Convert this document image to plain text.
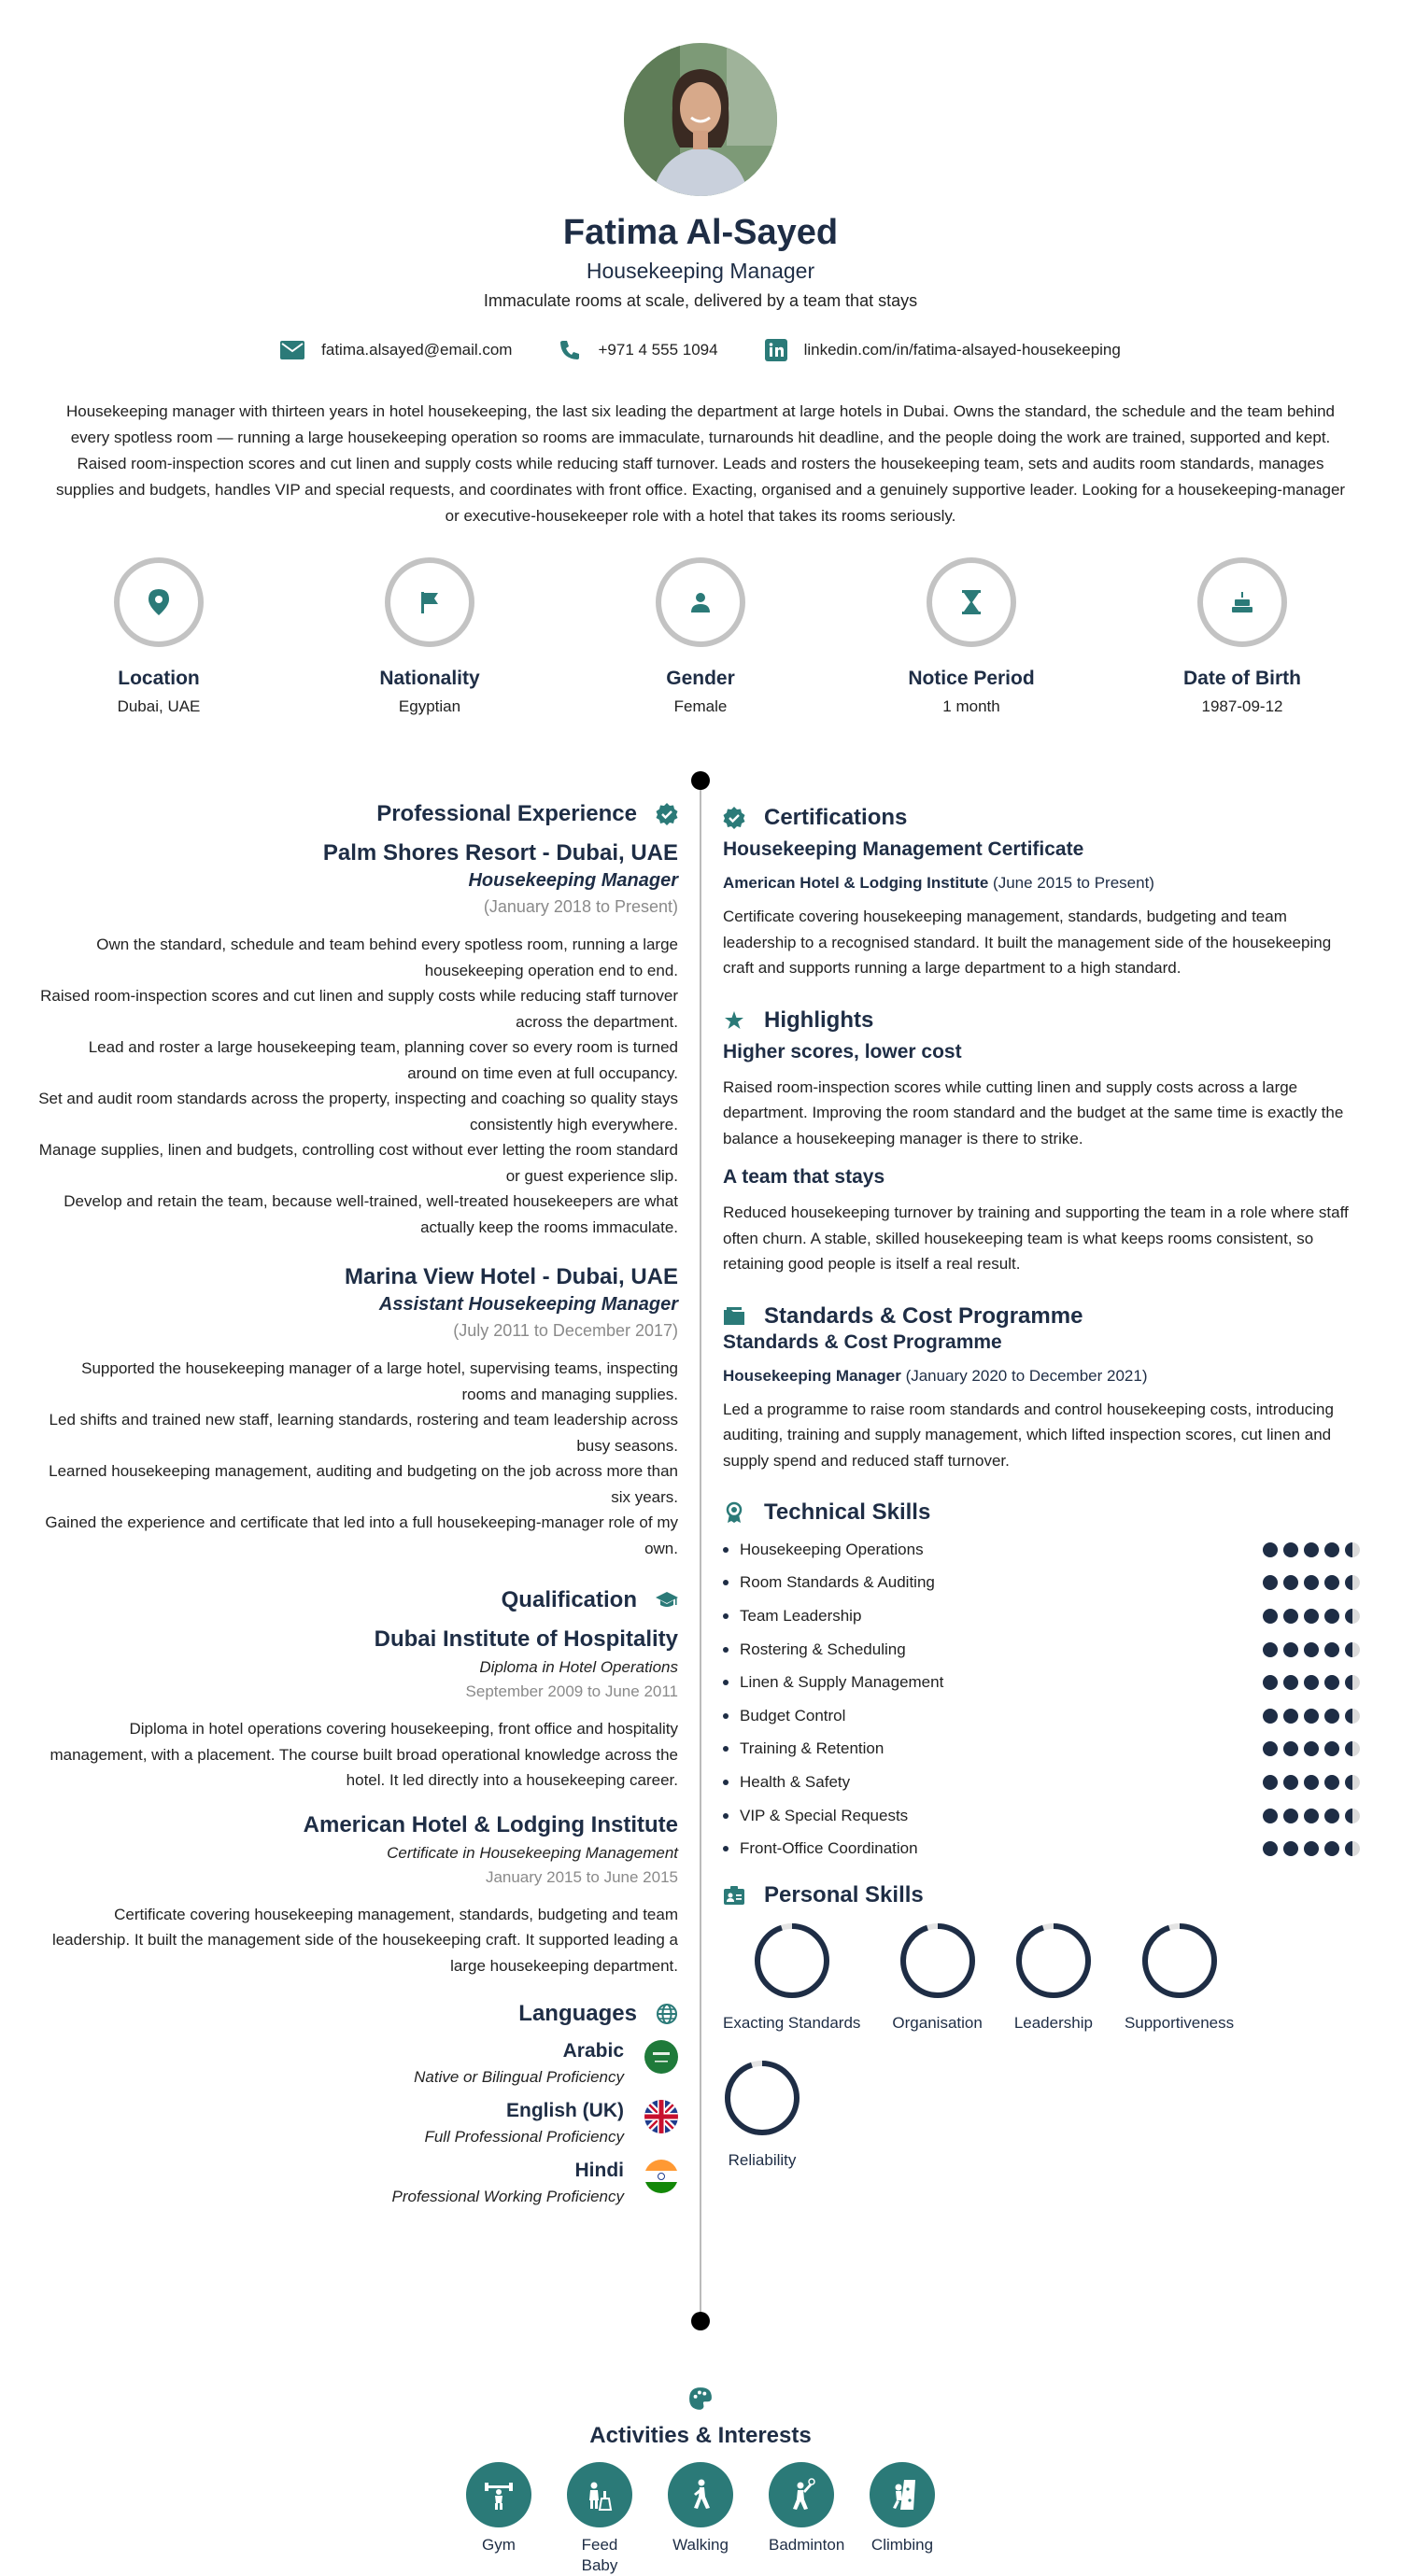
Fatima Al-Sayed
Housekeeping Manager
Immaculate rooms at scale, delivered by a team that stays
fatima.alsayed@email.com	+971 4 555 1094	linkedin.com/in/fatima-alsayed-housekeeping
Housekeeping manager with thirteen years in hotel housekeeping, the last six leading the department at large hotels in Dubai. Owns the standard, the schedule and the team behind every spotless room — running a large housekeeping operation so rooms are immaculate, turnarounds hit deadline, and the people doing the work are trained, supported and kept. Raised room-inspection scores and cut linen and supply costs while reducing staff turnover. Leads and rosters the housekeeping team, sets and audits room standards, manages supplies and budgets, handles VIP and special requests, and coordinates with front office. Exacting, organised and a genuinely supportive leader. Looking for a housekeeping-manager or executive-housekeeper role with a hotel that takes its rooms seriously.
Location
Dubai, UAE
Nationality
Egyptian
Gender
Female
Notice Period
1 month
Date of Birth
1987-09-12
Professional Experience
Palm Shores Resort - Dubai, UAE
Housekeeping Manager
(January 2018 to Present)
Own the standard, schedule and team behind every spotless room, running a large housekeeping operation end to end.
Raised room-inspection scores and cut linen and supply costs while reducing staff turnover across the department.
Lead and roster a large housekeeping team, planning cover so every room is turned around on time even at full occupancy.
Set and audit room standards across the property, inspecting and coaching so quality stays consistently high everywhere.
Manage supplies, linen and budgets, controlling cost without ever letting the room standard or guest experience slip.
Develop and retain the team, because well-trained, well-treated housekeepers are what actually keep the rooms immaculate.
Marina View Hotel - Dubai, UAE
Assistant Housekeeping Manager
(July 2011 to December 2017)
Supported the housekeeping manager of a large hotel, supervising teams, inspecting rooms and managing supplies.
Led shifts and trained new staff, learning standards, rostering and team leadership across busy seasons.
Learned housekeeping management, auditing and budgeting on the job across more than six years.
Gained the experience and certificate that led into a full housekeeping-manager role of my own.
Qualification
Dubai Institute of Hospitality
Diploma in Hotel Operations
September 2009 to June 2011
Diploma in hotel operations covering housekeeping, front office and hospitality management, with a placement. The course built broad operational knowledge across the hotel. It led directly into a housekeeping career.
American Hotel & Lodging Institute
Certificate in Housekeeping Management
January 2015 to June 2015
Certificate covering housekeeping management, standards, budgeting and team leadership. It built the management side of the housekeeping craft. It supported leading a large housekeeping department.
Languages
Arabic
Native or Bilingual Proficiency
English (UK)
Full Professional Proficiency
Hindi
Professional Working Proficiency
Certifications
Housekeeping Management Certificate
American Hotel & Lodging Institute (June 2015 to Present)
Certificate covering housekeeping management, standards, budgeting and team leadership to a recognised standard. It built the management side of the housekeeping craft and supports running a large department to a high standard.
Highlights
Higher scores, lower cost
Raised room-inspection scores while cutting linen and supply costs across a large department. Improving the room standard and the budget at the same time is exactly the balance a housekeeping manager is there to strike.
A team that stays
Reduced housekeeping turnover by training and supporting the team in a role where staff often churn. A stable, skilled housekeeping team is what keeps rooms consistent, so retaining good people is itself a real result.
Standards & Cost Programme
Standards & Cost Programme
Housekeeping Manager (January 2020 to December 2021)
Led a programme to raise room standards and control housekeeping costs, introducing auditing, training and supply management, which lifted inspection scores, cut linen and supply spend and reduced staff turnover.
Technical Skills
Housekeeping Operations
Room Standards & Auditing
Team Leadership
Rostering & Scheduling
Linen & Supply Management
Budget Control
Training & Retention
Health & Safety
VIP & Special Requests
Front-Office Coordination
Personal Skills
Exacting Standards Organisation Leadership Supportiveness
Reliability
Activities & Interests
Gym	Feed Baby
Walking	Badminton Climbing
